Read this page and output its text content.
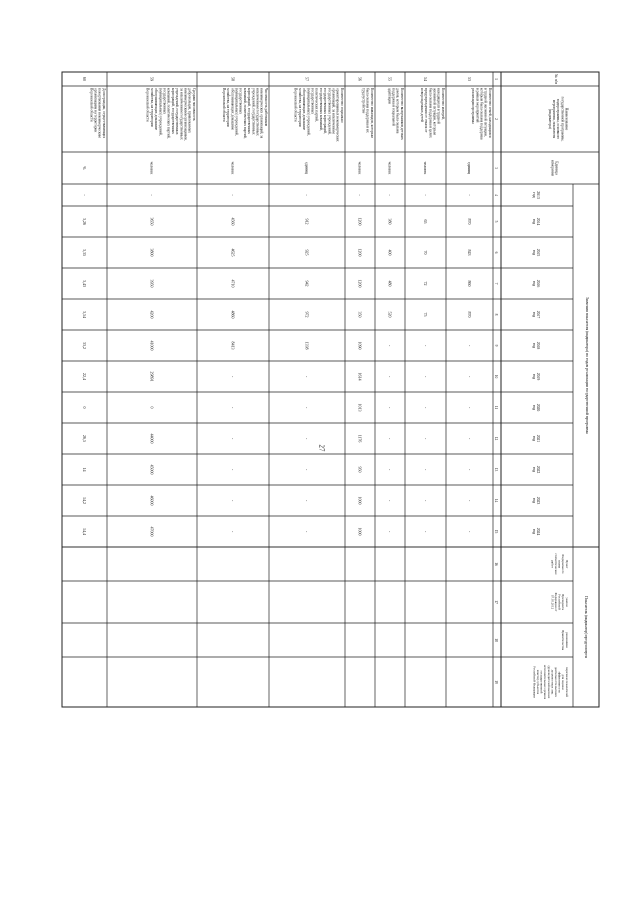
27
№ п/п
Наименование
государственной программы,
подпрограммы, основного
мероприятия, показателя
(индикатора)
Единица
измерения
Значения показателя (индикатора) по годам реализации государственной программы
Показатель (индикатор) предусмотрен
2013
год
2014
год
2015
год
2016
год
2017
год
2018
год
2019
год
2020
год
2021
год
2022
год
2023
год
2024
год
Пункт
Федерального
плана
статистических
работ
указом
Президента
Российской
Федерации от
07.05.2012
решениями
Правительства
перечнем показателей
для оценки
эффективности
деятельности высших
должностных лиц
(руководителей высших
исполнительных органов
государственной
власти) субъектов
Российской Федерации
1
2
3
4
5
6
7
8
9
10
11
12
13
14
15
16
17
18
19
53
Количество семей, находящихся
в трудной жизненной ситуации,
которым была оказана поддержка
в рамках мероприятий
реализации программы
единиц
-
870
843
860
870
-
-
-
-
-
-
-
54
Количество матерей,
находящихся в трудной
жизненной ситуации, которым
была оказана поддержка в целях
предупреждения от отказа от
новорожденных детей
человек
-
65
70
72
75
-
-
-
-
-
-
-
55
Количество выпускников детских
домов, которым была оказана
поддержка в социальной
адаптации
человек
-
380
400
480
520
-
-
-
-
-
-
-
56
Количество инвалидов, которым
была оказана поддержка в их
трудоустройстве
человек
-
1200
1200
1200
350
1090
1614
1013
1176
950
1000
1000
57
Количество социально
ориентированных некоммерческих
организаций, за исключением
государственных учреждений,
государственных корпораций,
государственных компаний,
политических партий,
государственных
(муниципальных) учреждений,
обслуживающих домашние
хозяйства, на территории
Воронежской области
единиц
-
912
925
942
972
1338
-
-
-
-
-
-
58
Численность работников
некоммерческих организаций, за
исключением государственных
учреждений, государственных
корпораций, государственных
компаний, политических партий,
государственных
(муниципальных) учреждений,
обслуживающих домашние
хозяйства, на территории
Воронежской области
человек
-
4560
4625
4710
4860
8413
-
-
-
-
-
-
59
Средняя численность
добровольцев, привлекаемых
некоммерческими организациями,
за исключением государственных
учреждений, государственных
корпораций, государственных
компаний, политических партий,
государственных
(муниципальных) учреждений,
обслуживающих домашние
хозяйства, на территории
Воронежской области
человек
-
3650
3800
3950
4200
41000
29891
0
44000
45000
46000
47000
60
Доля граждан, осуществляющих
пожертвования некоммерческим
организациям на территории
Воронежской области
%
-
3,26
3,35
3,43
3,54
33,2
22,4
0
26,5
14
14,2
14,4
